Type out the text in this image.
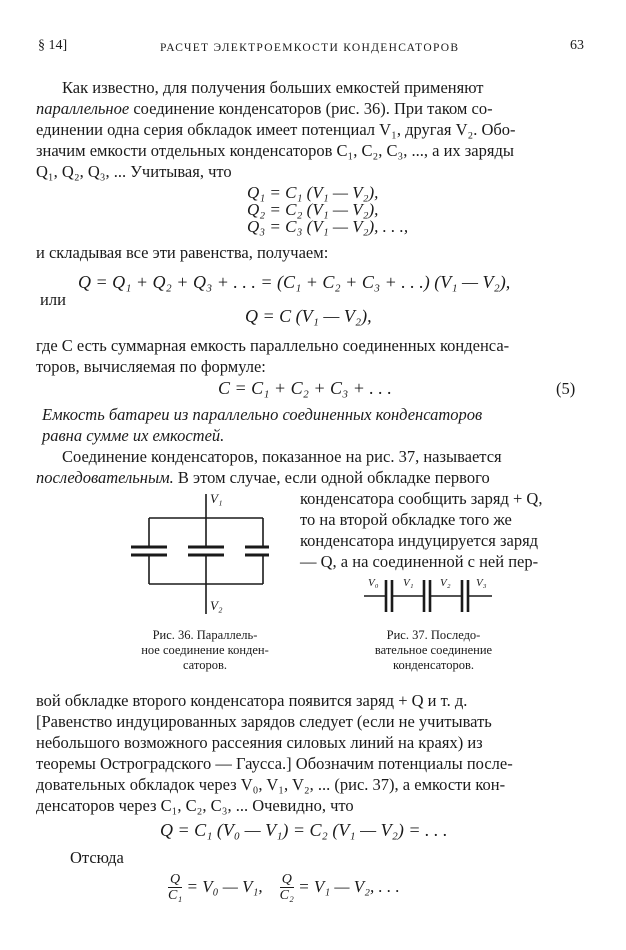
§ 14]	РАСЧЕТ ЭЛЕКТРОЕМКОСТИ КОНДЕНСАТОРОВ	63
Как известно, для получения больших емкостей применяют
параллельное соединение конденсаторов (рис. 36). При таком со-
единении одна серия обкладок имеет потенциал V₁, другая V₂. Обо-
значим емкости отдельных конденсаторов C₁, C₂, C₃, ..., а их заряды
Q₁, Q₂, Q₃, ... Учитывая, что
Q₁ = C₁ (V₁ — V₂),
Q₂ = C₂ (V₁ — V₂),
Q₃ = C₃ (V₁ — V₂), . . .,
и складывая все эти равенства, получаем:
Q = Q₁ + Q₂ + Q₃ + . . . = (C₁ + C₂ + C₃ + . . .) (V₁ — V₂),
или
Q = C (V₁ — V₂),
где C есть суммарная емкость параллельно соединенных конденса-
торов, вычисляемая по формуле:
C = C₁ + C₂ + C₃ + . . .	(5)
Емкость батареи из параллельно соединенных конденсаторов
равна сумме их емкостей.
Соединение конденсаторов, показанное на рис. 37, называется
последовательным. В этом случае, если одной обкладке первого
конденсатора сообщить заряд + Q,
то на второй обкладке того же
конденсатора индуцируется заряд
— Q, а на соединенной с ней пер-
V₁
V₂
Рис. 36. Параллель-
ное соединение конден-
саторов.
V₀ V₁ V₂ V₃
Рис. 37. Последо-
вательное соединение
конденсаторов.
вой обкладке второго конденсатора появится заряд + Q и т. д.
[Равенство индуцированных зарядов следует (если не учитывать
небольшого возможного рассеяния силовых линий на краях) из
теоремы Остроградского — Гаусса.] Обозначим потенциалы после-
довательных обкладок через V₀, V₁, V₂, ... (рис. 37), а емкости кон-
денсаторов через C₁, C₂, C₃, ... Очевидно, что
Q = C₁ (V₀ — V₁) = C₂ (V₁ — V₂) = . . .
Отсюда
$\frac{Q}{\text{C₁}} = V_0$ — V₁, $\frac{Q}{\text{C₂}} = V_1$ — V₂, . . .
